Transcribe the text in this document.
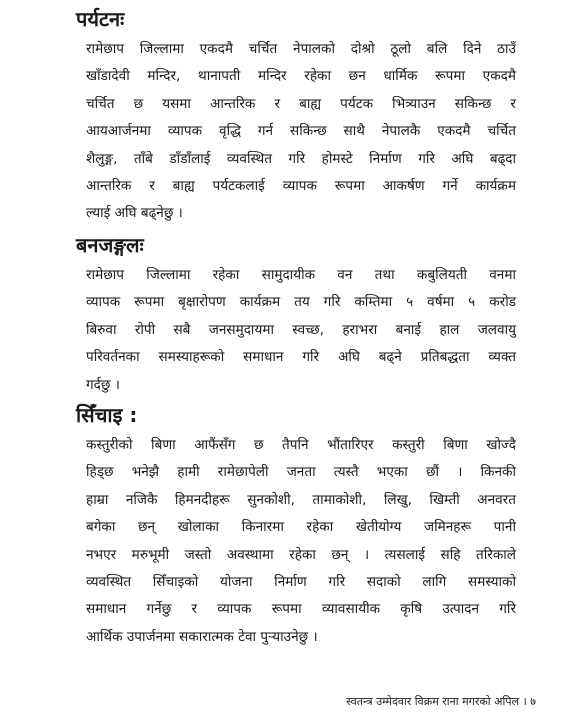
पर्यटनः
रामेछाप जिल्लामा एकदमै चर्चित नेपालको दोश्रो ठूलो बलि दिने ठाउँ
खाँडादेवी मन्दिर, थानापती मन्दिर रहेका छन धार्मिक रूपमा एकदमै
चर्चित छ यसमा आन्तरिक र बाह्य पर्यटक भित्र्याउन सकिन्छ र
आयआर्जनमा व्यापक वृद्धि गर्न सकिन्छ साथै नेपालकै एकदमै चर्चित
शैलुङ्ग, ताँबे डाँडाँलाई व्यवस्थित गरि होमस्टे निर्माण गरि अघि बढ्दा
आन्तरिक र बाह्य पर्यटकलाई व्यापक रूपमा आकर्षण गर्ने कार्यक्रम
ल्याई अघि बढ्नेछु ।
बनजङ्गलः
रामेछाप जिल्लामा रहेका सामुदायीक वन तथा कबुलियती वनमा
व्यापक रूपमा बृक्षारोपण कार्यक्रम तय गरि कम्तिमा ५ वर्षमा ५ करोड
बिरुवा रोपी सबै जनसमुदायमा स्वच्छ, हराभरा बनाई हाल जलवायु
परिवर्तनका समस्याहरूको समाधान गरि अघि बढ्ने प्रतिबद्धता व्यक्त
गर्दछु ।
सिँचाइ :
कस्तुरीको बिणा आफैंसँग छ तैपनि भौंतारिएर कस्तुरी बिणा खोज्दै
हिड्छ भनेझै हामी रामेछापेली जनता त्यस्तै भएका छौं । किनकी
हाम्रा नजिकै हिमनदीहरू सुनकोशी, तामाकोशी, लिखु, खिम्ती अनवरत
बगेका छन् खोलाका किनारमा रहेका खेतीयोग्य जमिनहरू पानी
नभएर मरुभूमी जस्तो अवस्थामा रहेका छन् । त्यसलाई सहि तरिकाले
व्यवस्थित सिँचाइको योजना निर्माण गरि सदाको लागि समस्याको
समाधान गर्नेछु र व्यापक रूपमा व्यावसायीक कृषि उत्पादन गरि
आर्थिक उपार्जनमा सकारात्मक टेवा पुऱ्याउनेछु ।
स्वतन्त्र उम्मेदवार विक्रम राना मगरको अपिल । ७
